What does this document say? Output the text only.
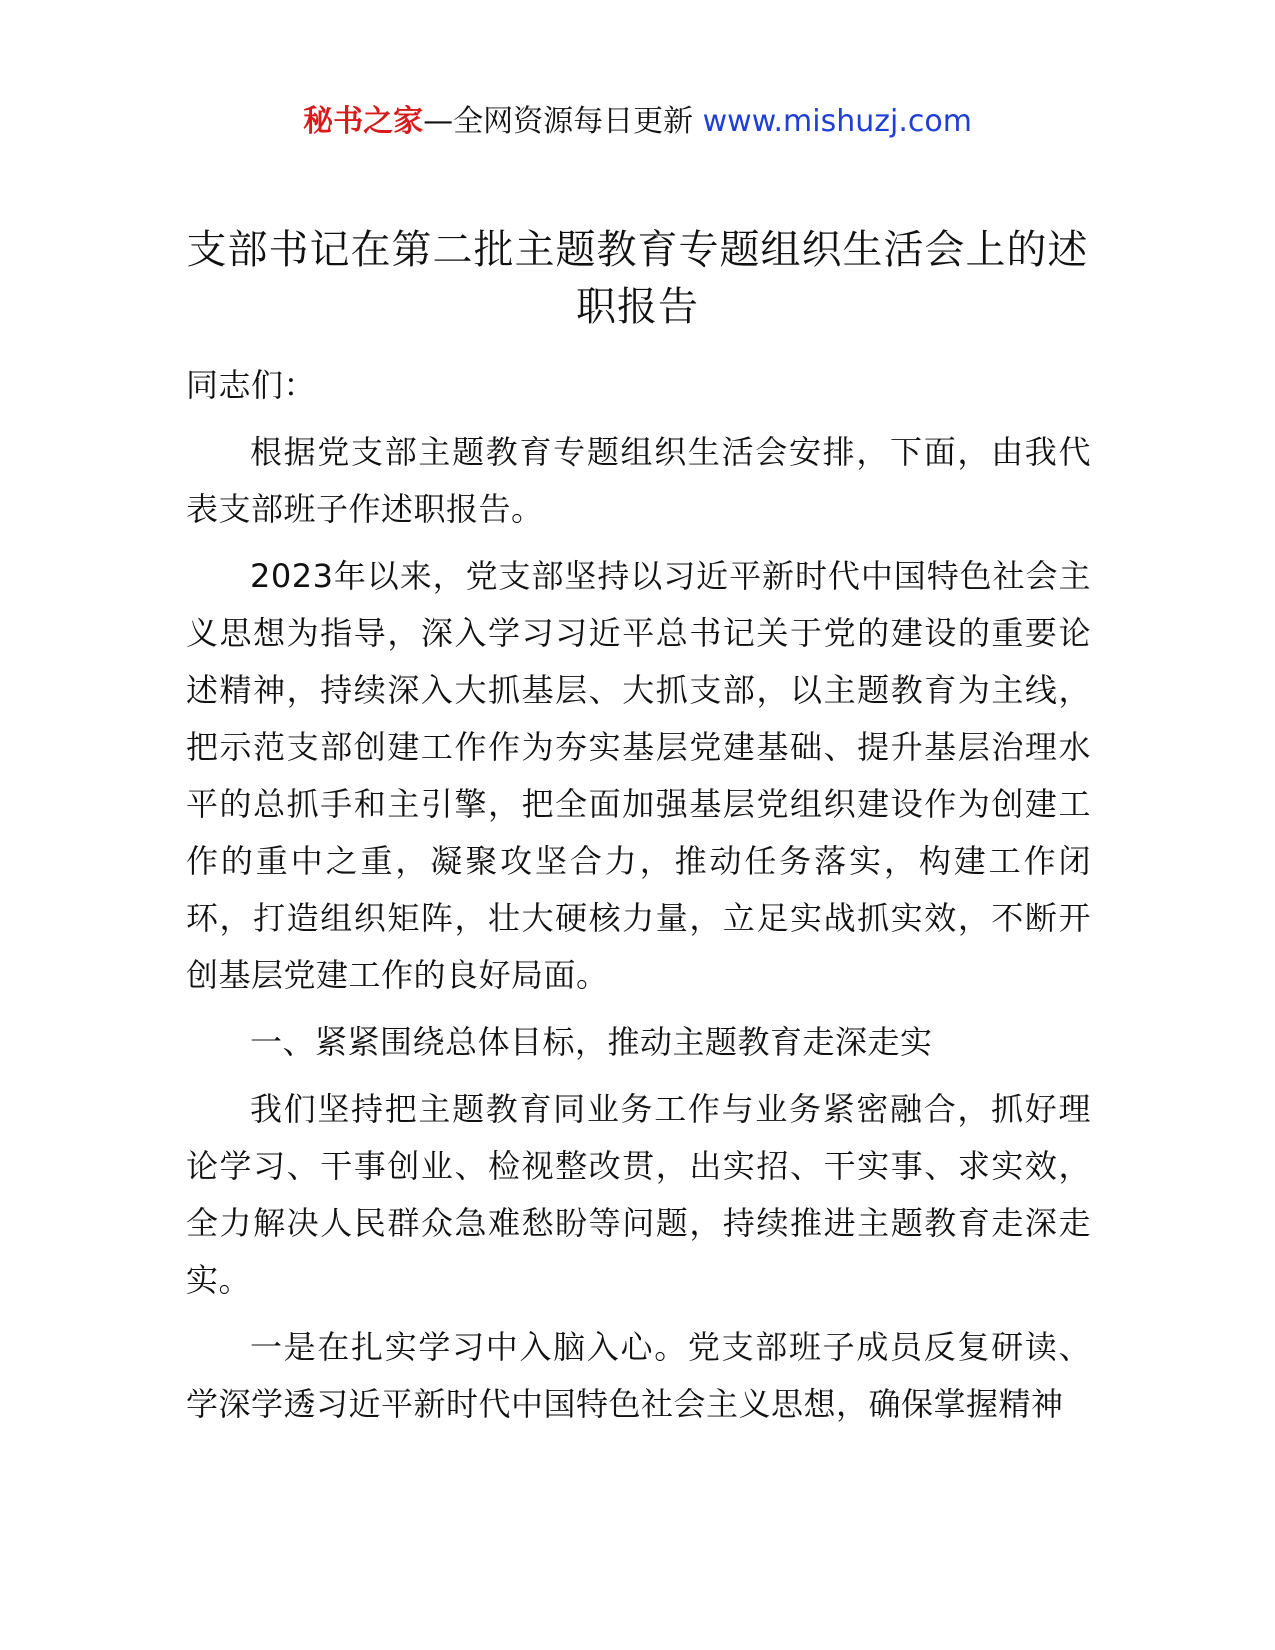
秘书之家—全网资源每日更新 www.mishuzj.com
支部书记在第二批主题教育专题组织生活会上的述职报告

同志们：

根据党支部主题教育专题组织生活会安排，下面，由我代表支部班子作述职报告。

2023年以来，党支部坚持以习近平新时代中国特色社会主义思想为指导，深入学习习近平总书记关于党的建设的重要论述精神，持续深入大抓基层、大抓支部，以主题教育为主线，把示范支部创建工作作为夯实基层党建基础、提升基层治理水平的总抓手和主引擎，把全面加强基层党组织建设作为创建工作的重中之重，凝聚攻坚合力，推动任务落实，构建工作闭环，打造组织矩阵，壮大硬核力量，立足实战抓实效，不断开创基层党建工作的良好局面。

一、紧紧围绕总体目标，推动主题教育走深走实

我们坚持把主题教育同业务工作与业务紧密融合，抓好理论学习、干事创业、检视整改贯，出实招、干实事、求实效，全力解决人民群众急难愁盼等问题，持续推进主题教育走深走实。

一是在扎实学习中入脑入心。党支部班子成员反复研读、学深学透习近平新时代中国特色社会主义思想，确保掌握精神
